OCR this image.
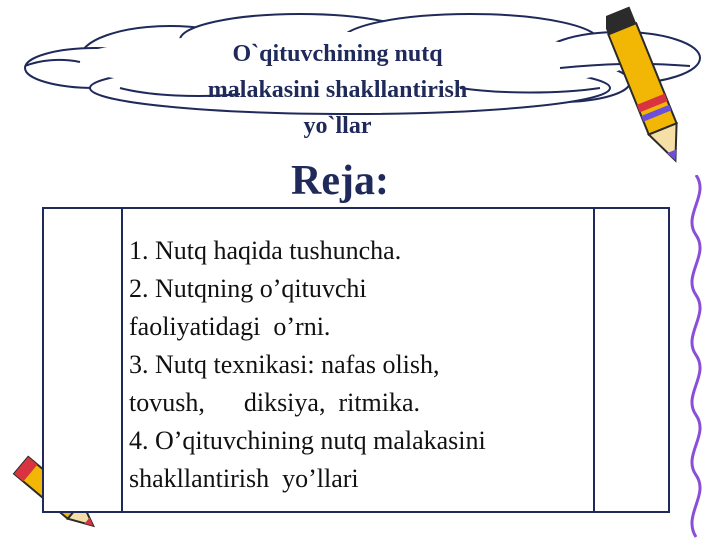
O`qituvchining nutq
malakasini shakllantirish
yo`llar
Reja:
1. Nutq haqida tushuncha.
2. Nutqning o’qituvchi
faoliyatidagi  o’rni.
3. Nutq texnikasi: nafas olish,
tovush,      diksiya,  ritmika.
4. O’qituvchining nutq malakasini
shakllantirish  yo’llari
